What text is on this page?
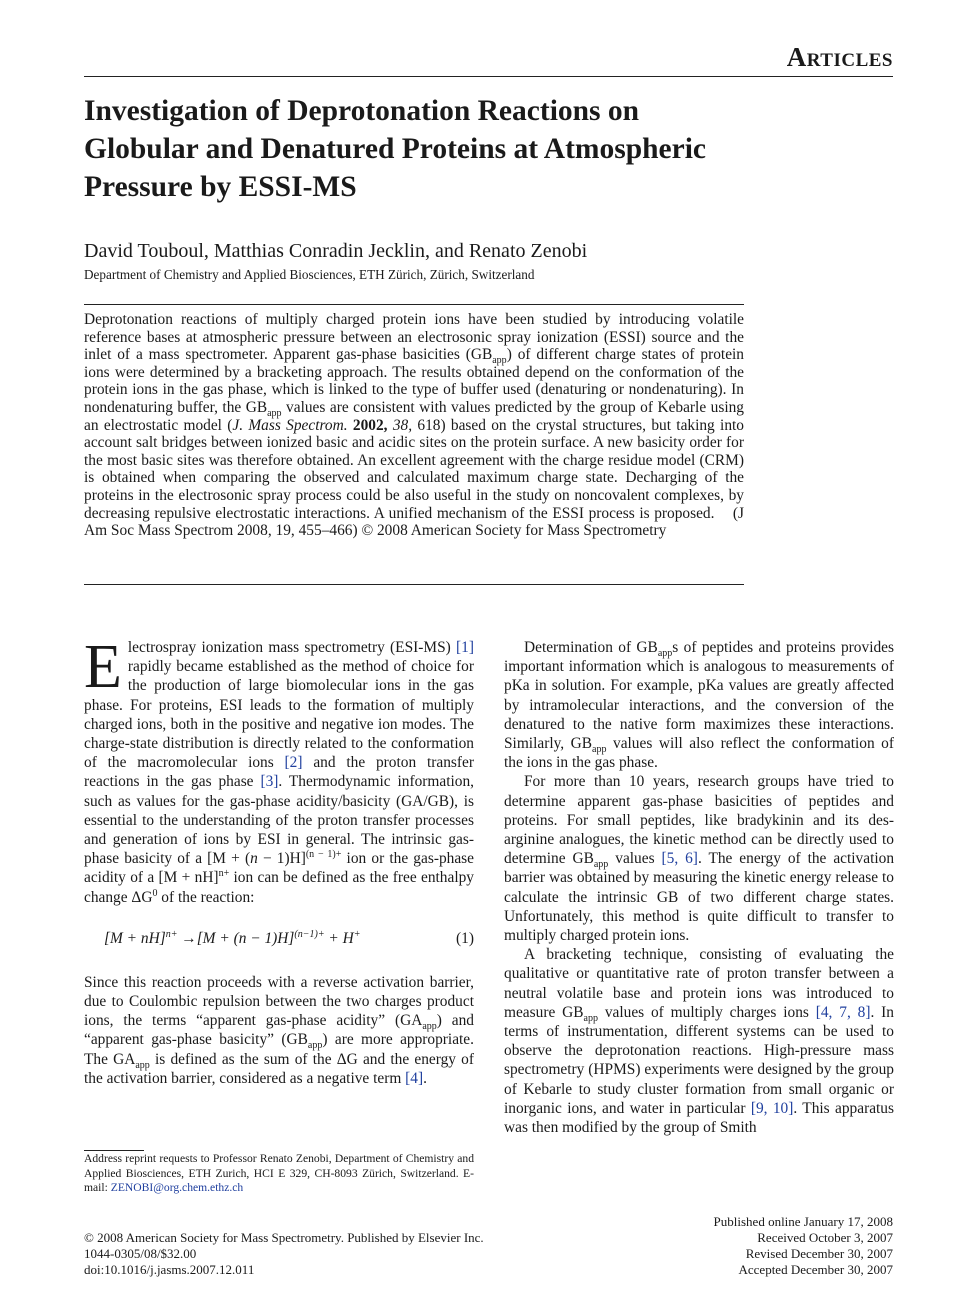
Articles
Investigation of Deprotonation Reactions on Globular and Denatured Proteins at Atmospheric Pressure by ESSI-MS
David Touboul, Matthias Conradin Jecklin, and Renato Zenobi
Department of Chemistry and Applied Biosciences, ETH Zürich, Zürich, Switzerland

Deprotonation reactions of multiply charged protein ions have been studied by introducing volatile reference bases at atmospheric pressure between an electrosonic spray ionization (ESSI) source and the inlet of a mass spectrometer. Apparent gas-phase basicities $(GB_{app})$ of different charge states of protein ions were determined by a bracketing approach. The results obtained depend on the conformation of the protein ions in the gas phase, which is linked to the type of buffer used (denaturing or nondenaturing). In nondenaturing buffer, the $GB_{app}$ values are consistent with values predicted by the group of Kebarle using an electrostatic model (J. Mass Spectrom. 2002, 38, 618) based on the crystal structures, but taking into account salt bridges between ionized basic and acidic sites on the protein surface. A new basicity order for the most basic sites was therefore obtained. An excellent agreement with the charge residue model (CRM) is obtained when comparing the observed and calculated maximum charge state. Decharging of the proteins in the electrosonic spray process could be also useful in the study on noncovalent complexes, by decreasing repulsive electrostatic interactions. A unified mechanism of the ESSI process is proposed. (J Am Soc Mass Spectrom 2008, 19, 455–466) © 2008 American Society for Mass Spectrometry

Electrospray ionization mass spectrometry (ESI-MS) [1] rapidly became established as the method of choice for the production of large biomolecular ions in the gas phase. For proteins, ESI leads to the formation of multiply charged ions, both in the positive and negative ion modes. The charge-state distribution is directly related to the conformation of the macromolecular ions [2] and the proton transfer reactions in the gas phase [3]. Thermodynamic information, such as values for the gas-phase acidity/basicity (GA/GB), is essential to the understanding of the proton transfer processes and generation of ions by ESI in general. The intrinsic gas-phase basicity of a $[M + (n - 1)H]^{(n - 1)+}$ ion or the gas-phase acidity of a [M + nH]$^{n+}$ ion can be defined as the free enthalpy change $\Delta G^0$ of the reaction:

$[M + nH]^{n+} \to[M + (n - 1)H]^{(n-1)+} + H^+$	(1)

Since this reaction proceeds with a reverse activation barrier, due to Coulombic repulsion between the two charges product ions, the terms “apparent gas-phase acidity” $(GA_{app})$ and “apparent gas-phase basicity” $(GB_{app})$ are more appropriate. The $GA_{app}$ is defined as the sum of the ΔG and the energy of the activation barrier, considered as a negative term [4].

Address reprint requests to Professor Renato Zenobi, Department of Chemistry and Applied Biosciences, ETH Zurich, HCI E 329, CH-8093 Zürich, Switzerland. E-mail: ZENOBI@org.chem.ethz.ch

Determination of $GB_{app}s$ of peptides and proteins provides important information which is analogous to measurements of pKa in solution. For example, pKa values are greatly affected by intramolecular interactions, and the conversion of the denatured to the native form maximizes these interactions. Similarly, $GB_{app}$ values will also reflect the conformation of the ions in the gas phase.

For more than 10 years, research groups have tried to determine apparent gas-phase basicities of peptides and proteins. For small peptides, like bradykinin and its des-arginine analogues, the kinetic method can be directly used to determine $GB_{app}$ values [5, 6]. The energy of the activation barrier was obtained by measuring the kinetic energy release to calculate the intrinsic GB of two different charge states. Unfortunately, this method is quite difficult to transfer to multiply charged protein ions.

A bracketing technique, consisting of evaluating the qualitative or quantitative rate of proton transfer between a neutral volatile base and protein ions was introduced to measure $GB_{app}$ values of multiply charges ions [4, 7, 8]. In terms of instrumentation, different systems can be used to observe the deprotonation reactions. High-pressure mass spectrometry (HPMS) experiments were designed by the group of Kebarle to study cluster formation from small organic or inorganic ions, and water in particular [9, 10]. This apparatus was then modified by the group of Smith

© 2008 American Society for Mass Spectrometry. Published by Elsevier Inc.
1044-0305/08/$32.00
doi:10.1016/j.jasms.2007.12.011
Published online January 17, 2008
Received October 3, 2007
Revised December 30, 2007
Accepted December 30, 2007
